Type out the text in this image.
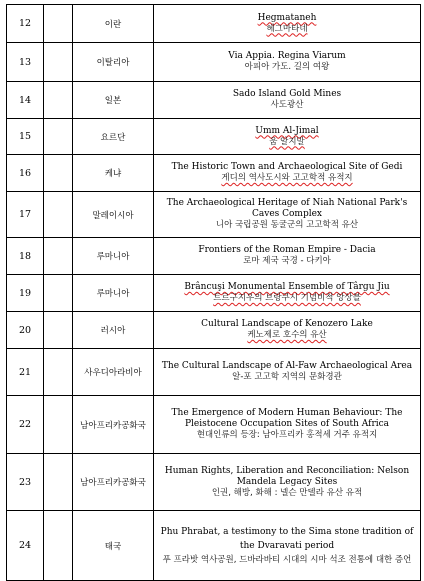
12		이란	Hegmataneh
헤그마타네

13		이탈리아	Via Appia. Regina Viarum
아피아 가도. 길의 여왕

14		일본	Sado Island Gold Mines
사도광산

15		요르단	Umm Al-Jimal
움 알지말

16		케냐	The Historic Town and Archaeological Site of Gedi
게디의 역사도시와 고고학적 유적지

17		말레이시아	The Archaeological Heritage of Niah National Park's Caves Complex
니아 국립공원 동굴군의 고고학적 유산

18		루마니아	Frontiers of the Roman Empire - Dacia
로마 제국 국경 - 다키아

19		루마니아	Brâncuşi Monumental Ensemble of Târgu Jiu
트르구지우의 브랑쿠시 기념비적 앙상블

20		러시아	Cultural Landscape of Kenozero Lake
케노제로 호수의 유산

21		사우디아라비아	The Cultural Landscape of Al-Faw Archaeological Area
알-포 고고학 지역의 문화경관

22		남아프리카공화국	The Emergence of Modern Human Behaviour: The Pleistocene Occupation Sites of South Africa
현대인류의 등장: 남아프리카 홍적세 거주 유적지

23		남아프리카공화국	Human Rights, Liberation and Reconciliation: Nelson Mandela Legacy Sites
인권, 해방, 화해 : 넬슨 만델라 유산 유적

24		태국	Phu Phrabat, a testimony to the Sima stone tradition of the Dvaravati period
푸 프라밧 역사공원, 드바라바티 시대의 시마 석조 전통에 대한 증언
